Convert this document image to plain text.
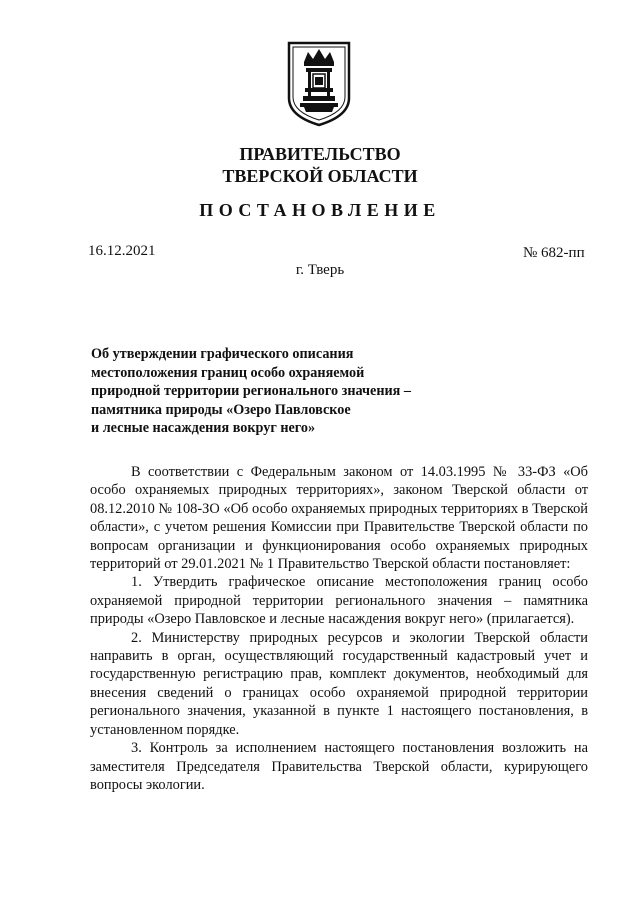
ПРАВИТЕЛЬСТВО
ТВЕРСКОЙ ОБЛАСТИ
ПОСТАНОВЛЕНИЕ
16.12.2021	№ 682-пп
г. Тверь
Об утверждении графического описания
местоположения границ особо охраняемой
природной территории регионального значения –
памятника природы «Озеро Павловское
и лесные насаждения вокруг него»

В соответствии с Федеральным законом от 14.03.1995 № 33-ФЗ «Об особо охраняемых природных территориях», законом Тверской области от 08.12.2010 № 108-ЗО «Об особо охраняемых природных территориях в Тверской области», с учетом решения Комиссии при Правительстве Тверской области по вопросам организации и функционирования особо охраняемых природных территорий от 29.01.2021 № 1 Правительство Тверской области постановляет:

1. Утвердить графическое описание местоположения границ особо охраняемой природной территории регионального значения – памятника природы «Озеро Павловское и лесные насаждения вокруг него» (прилагается).

2. Министерству природных ресурсов и экологии Тверской области направить в орган, осуществляющий государственный кадастровый учет и государственную регистрацию прав, комплект документов, необходимый для внесения сведений о границах особо охраняемой природной территории регионального значения, указанной в пункте 1 настоящего постановления, в установленном порядке.

3. Контроль за исполнением настоящего постановления возложить на заместителя Председателя Правительства Тверской области, курирующего вопросы экологии.
